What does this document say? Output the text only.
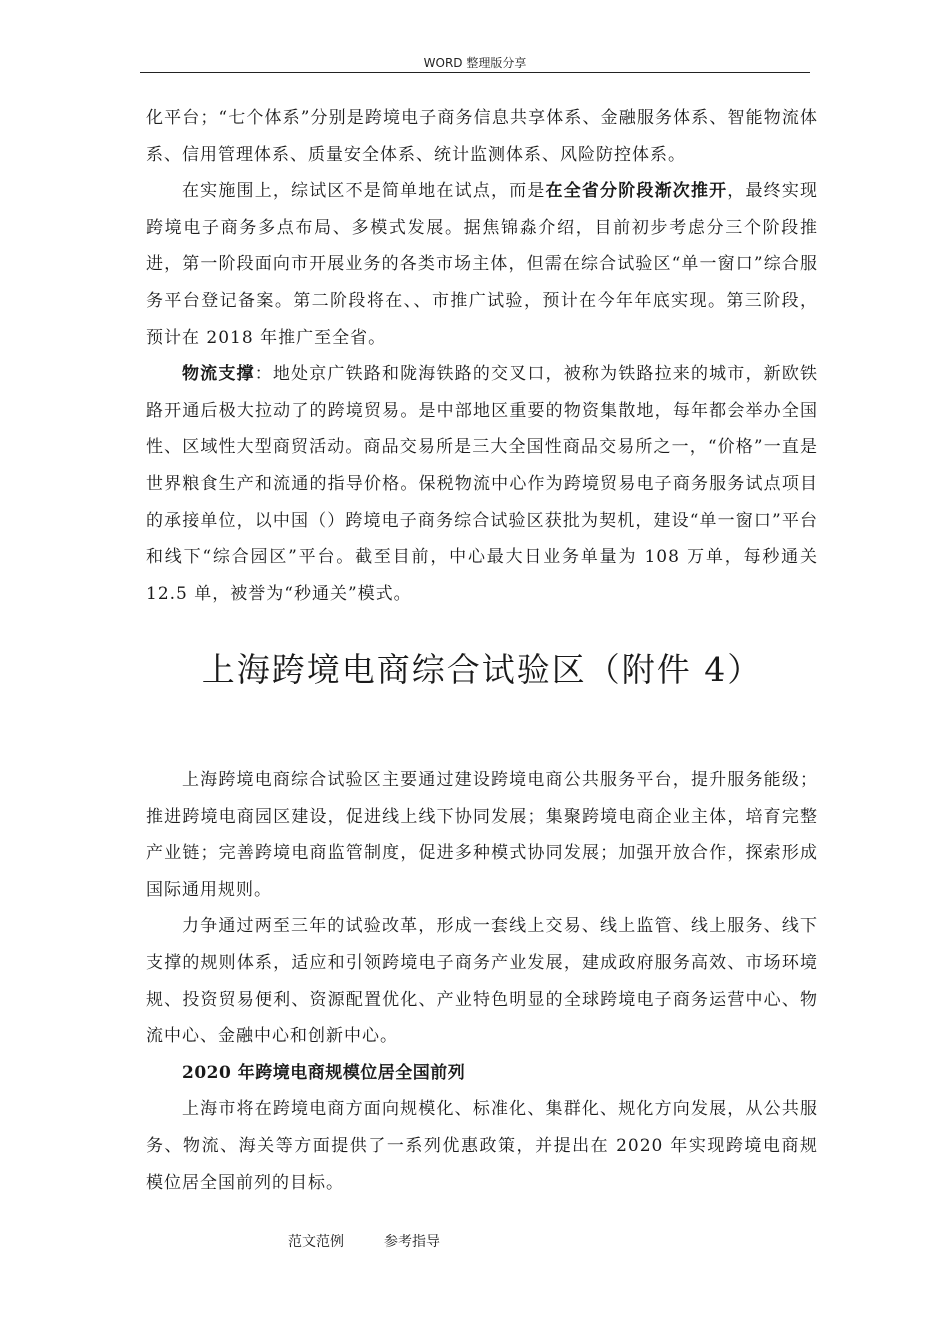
WORD 整理版分享

化平台；“七个体系”分别是跨境电子商务信息共享体系、金融服务体系、智能物流体系、信用管理体系、质量安全体系、统计监测体系、风险防控体系。

在实施围上，综试区不是简单地在试点，而是在全省分阶段渐次推开，最终实现跨境电子商务多点布局、多模式发展。据焦锦淼介绍，目前初步考虑分三个阶段推进，第一阶段面向市开展业务的各类市场主体，但需在综合试验区“单一窗口”综合服务平台登记备案。第二阶段将在、、市推广试验，预计在今年年底实现。第三阶段，预计在 2018 年推广至全省。

物流支撑：地处京广铁路和陇海铁路的交叉口，被称为铁路拉来的城市，新欧铁路开通后极大拉动了的跨境贸易。是中部地区重要的物资集散地，每年都会举办全国性、区域性大型商贸活动。商品交易所是三大全国性商品交易所之一，“价格”一直是世界粮食生产和流通的指导价格。保税物流中心作为跨境贸易电子商务服务试点项目的承接单位，以中国（）跨境电子商务综合试验区获批为契机，建设“单一窗口”平台和线下“综合园区”平台。截至目前，中心最大日业务单量为 108 万单，每秒通关 12.5 单，被誉为“秒通关”模式。

上海跨境电商综合试验区（附件 4）

上海跨境电商综合试验区主要通过建设跨境电商公共服务平台，提升服务能级；推进跨境电商园区建设，促进线上线下协同发展；集聚跨境电商企业主体，培育完整产业链；完善跨境电商监管制度，促进多种模式协同发展；加强开放合作，探索形成国际通用规则。

力争通过两至三年的试验改革，形成一套线上交易、线上监管、线上服务、线下支撑的规则体系，适应和引领跨境电子商务产业发展，建成政府服务高效、市场环境规、投资贸易便利、资源配置优化、产业特色明显的全球跨境电子商务运营中心、物流中心、金融中心和创新中心。

2020 年跨境电商规模位居全国前列

上海市将在跨境电商方面向规模化、标准化、集群化、规化方向发展，从公共服务、物流、海关等方面提供了一系列优惠政策，并提出在 2020 年实现跨境电商规模位居全国前列的目标。

范文范例	参考指导
